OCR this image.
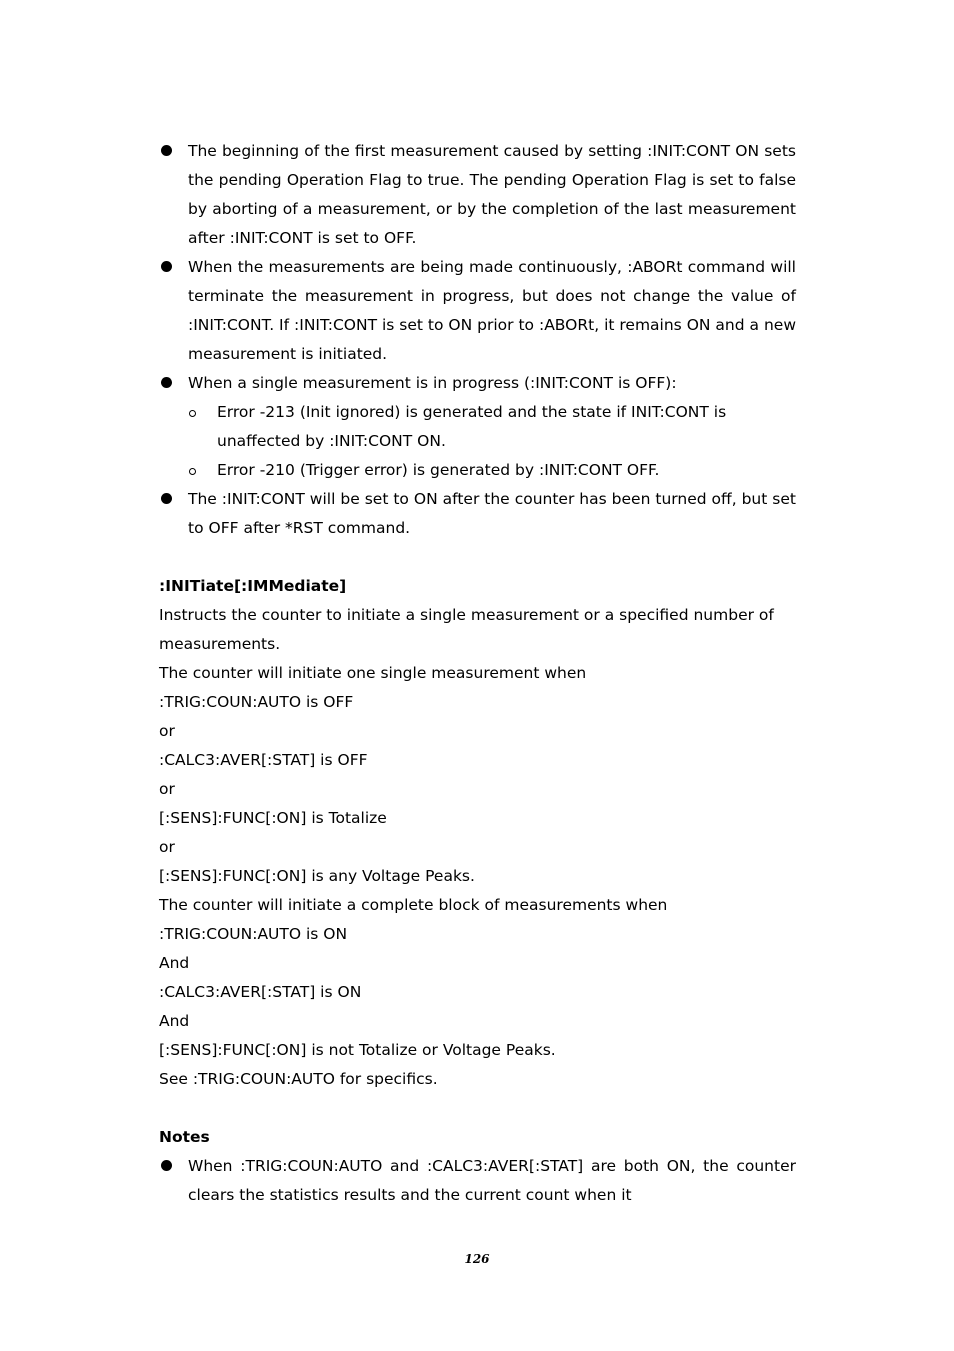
The beginning of the first measurement caused by setting :INIT:CONT ON sets the pending Operation Flag to true. The pending Operation Flag is set to false by aborting of a measurement, or by the completion of the last measurement after :INIT:CONT is set to OFF.
When the measurements are being made continuously, :ABORt command will terminate the measurement in progress, but does not change the value of :INIT:CONT. If :INIT:CONT is set to ON prior to :ABORt, it remains ON and a new measurement is initiated.
When a single measurement is in progress (:INIT:CONT is OFF):
Error -213 (Init ignored) is generated and the state if INIT:CONT is unaffected by :INIT:CONT ON.
Error -210 (Trigger error) is generated by :INIT:CONT OFF.
The :INIT:CONT will be set to ON after the counter has been turned off, but set to OFF after *RST command.
:INITiate[:IMMediate]
Instructs the counter to initiate a single measurement or a specified number of measurements.
The counter will initiate one single measurement when
:TRIG:COUN:AUTO is OFF
or
:CALC3:AVER[:STAT] is OFF
or
[:SENS]:FUNC[:ON] is Totalize
or
[:SENS]:FUNC[:ON] is any Voltage Peaks.
The counter will initiate a complete block of measurements when
:TRIG:COUN:AUTO is ON
And
:CALC3:AVER[:STAT] is ON
And
[:SENS]:FUNC[:ON] is not Totalize or Voltage Peaks.
See :TRIG:COUN:AUTO for specifics.
Notes
When :TRIG:COUN:AUTO and :CALC3:AVER[:STAT] are both ON, the counter clears the statistics results and the current count when it
126
